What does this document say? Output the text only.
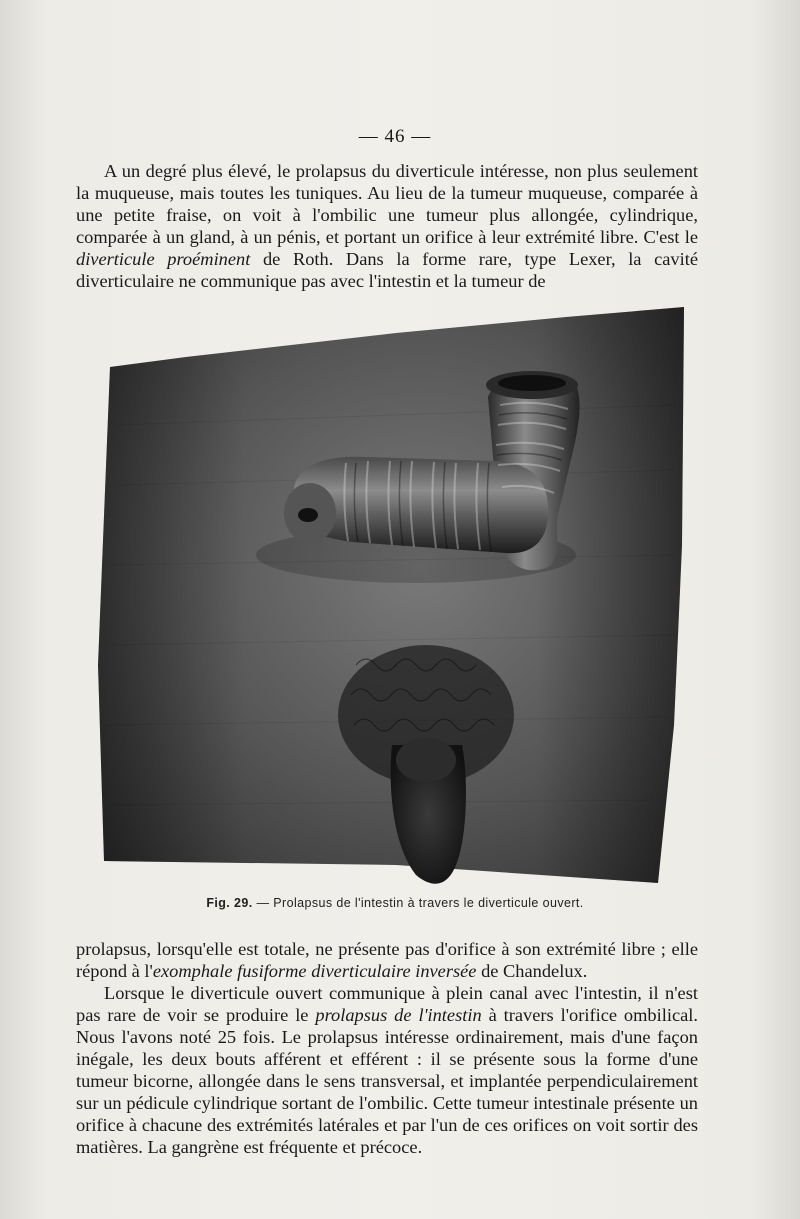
— 46 —

A un degré plus élevé, le prolapsus du diverticule intéresse, non plus seulement la muqueuse, mais toutes les tuniques. Au lieu de la tumeur muqueuse, comparée à une petite fraise, on voit à l'ombilic une tumeur plus allongée, cylindrique, comparée à un gland, à un pénis, et portant un orifice à leur extrémité libre. C'est le diverticule proéminent de Roth. Dans la forme rare, type Lexer, la cavité diverticulaire ne communique pas avec l'intestin et la tumeur de

Fig. 29. — Prolapsus de l'intestin à travers le diverticule ouvert.

prolapsus, lorsqu'elle est totale, ne présente pas d'orifice à son extrémité libre ; elle répond à l'exomphale fusiforme diverticulaire inversée de Chandelux.

Lorsque le diverticule ouvert communique à plein canal avec l'intestin, il n'est pas rare de voir se produire le prolapsus de l'intestin à travers l'orifice ombilical. Nous l'avons noté 25 fois. Le prolapsus intéresse ordinairement, mais d'une façon inégale, les deux bouts afférent et efférent : il se présente sous la forme d'une tumeur bicorne, allongée dans le sens transversal, et implantée perpendiculairement sur un pédicule cylindrique sortant de l'ombilic. Cette tumeur intestinale présente un orifice à chacune des extrémités latérales et par l'un de ces orifices on voit sortir des matières. La gangrène est fréquente et précoce.
